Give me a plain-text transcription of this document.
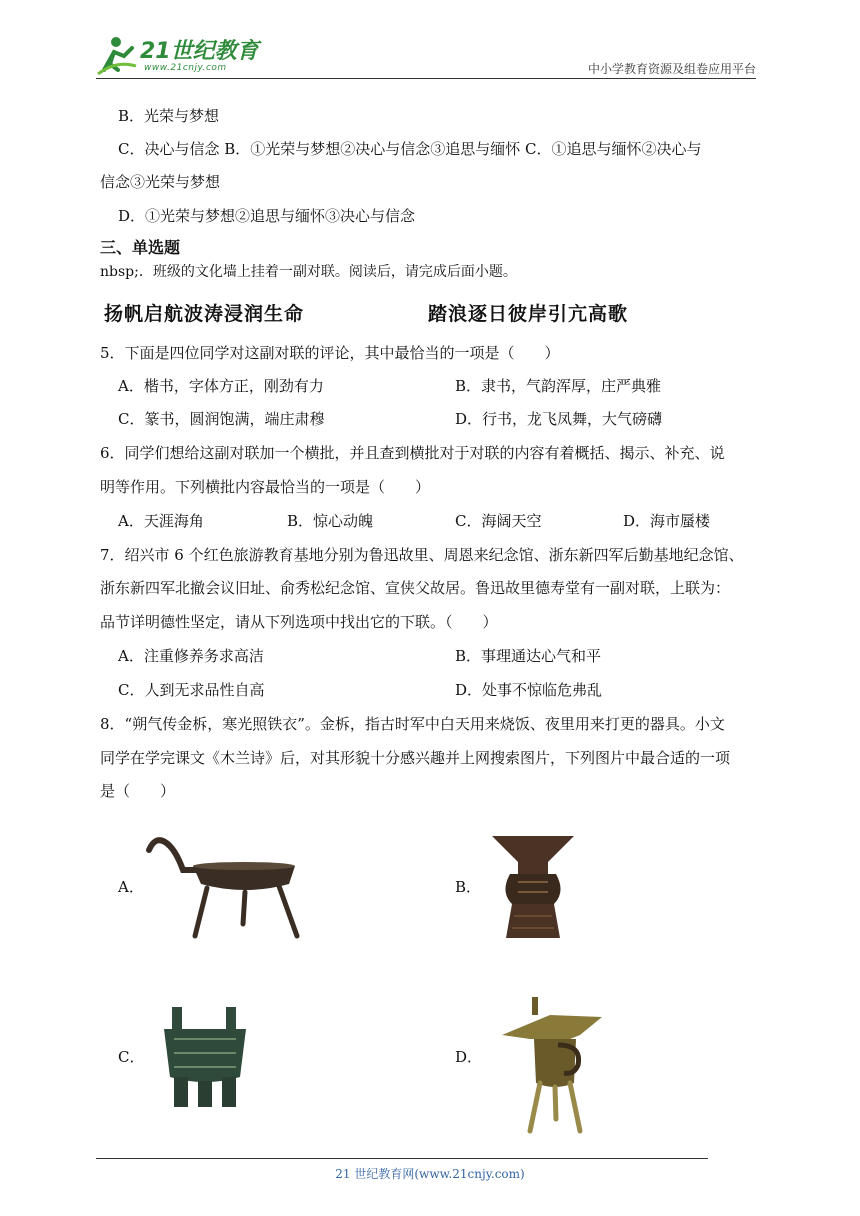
21世纪教育
www.21cnjy.com	中小学教育资源及组卷应用平台
B．光荣与梦想
C．决心与信念 B．①光荣与梦想②决心与信念③追思与缅怀 C．①追思与缅怀②决心与
信念③光荣与梦想
D．①光荣与梦想②追思与缅怀③决心与信念
三、单选题
nbsp;．班级的文化墙上挂着一副对联。阅读后，请完成后面小题。
扬帆启航波涛浸润生命	踏浪逐日彼岸引亢高歌
5．下面是四位同学对这副对联的评论，其中最恰当的一项是（　　）
A．楷书，字体方正，刚劲有力	B．隶书，气韵浑厚，庄严典雅
C．篆书，圆润饱满，端庄肃穆	D．行书，龙飞凤舞，大气磅礴
6．同学们想给这副对联加一个横批，并且查到横批对于对联的内容有着概括、揭示、补充、说
明等作用。下列横批内容最恰当的一项是（　　）
A．天涯海角	B．惊心动魄	C．海阔天空	D．海市蜃楼
7．绍兴市 6 个红色旅游教育基地分别为鲁迅故里、周恩来纪念馆、浙东新四军后勤基地纪念馆、
浙东新四军北撤会议旧址、俞秀松纪念馆、宣侠父故居。鲁迅故里德寿堂有一副对联，上联为：
品节详明德性坚定，请从下列选项中找出它的下联。（　　）
A．注重修养务求高洁	B．事理通达心气和平
C．人到无求品性自高	D．处事不惊临危弗乱
8．“朔气传金柝，寒光照铁衣”。金柝，指古时军中白天用来烧饭、夜里用来打更的器具。小文
同学在学完课文《木兰诗》后，对其形貌十分感兴趣并上网搜索图片，下列图片中最合适的一项
是（　　）
A．	B．
C．	D．
21 世纪教育网(www.21cnjy.com)
